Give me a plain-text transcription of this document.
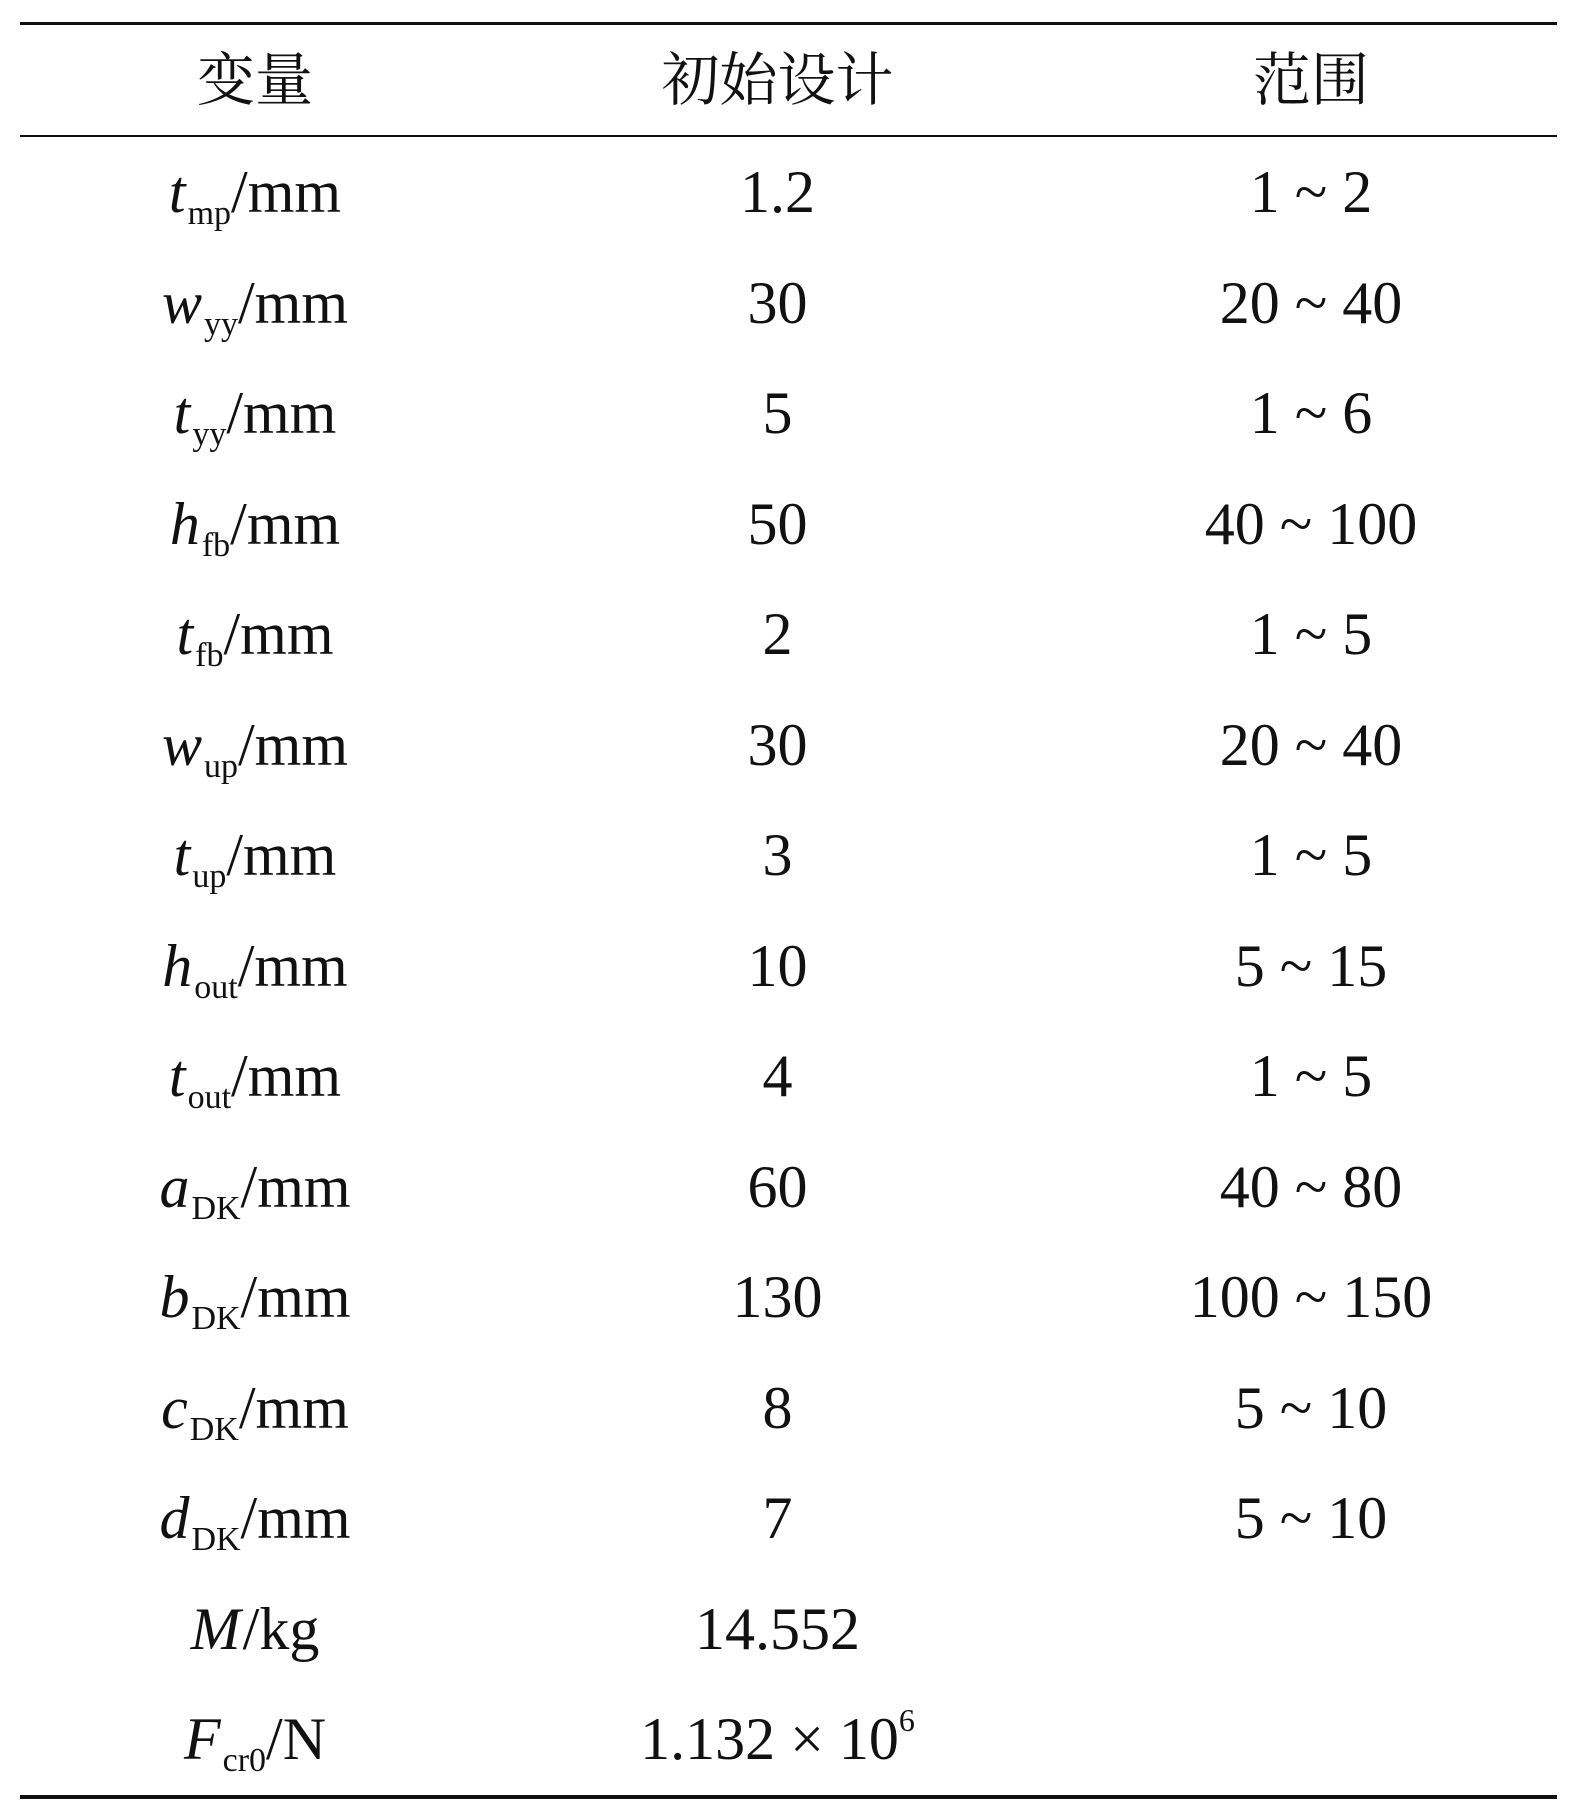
变量	初始设计	范围
$t_{mp}/mm$	1.2	1 ~ 2
$w_{yy}/mm$	30	20 ~ 40
$t_{yy}/mm$	5	1 ~ 6
$h_{fb}/mm$	50	40 ~ 100
$t_{fb}/mm$	2	1 ~ 5
$w_{up}/mm$	30	20 ~ 40
$t_{up}/mm$	3	1 ~ 5
$h_{out}/mm$	10	5 ~ 15
$t_{out}/mm$	4	1 ~ 5
$a_{DK}/mm$	60	40 ~ 80
$b_{DK}/mm$	130	100 ~ 150
$c_{DK}/mm$	8	5 ~ 10
$d_{DK}/mm$	7	5 ~ 10
M/kg	14.552
$F_{cr0}/N$	$1.132 \times 10^6$
